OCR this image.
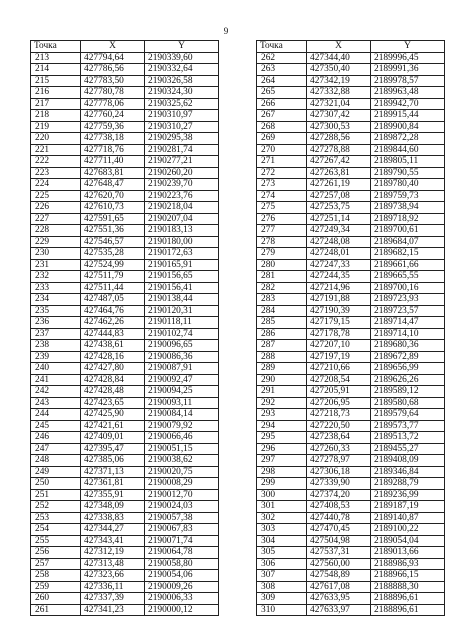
9
Точка	X	Y
213	427794,64	2190339,60
214	427786,56	2190332,64
215	427783,50	2190326,58
216	427780,78	2190324,30
217	427778,06	2190325,62
218	427760,24	2190310,97
219	427759,36	2190310,27
220	427738,18	2190295,38
221	427718,76	2190281,74
222	427711,40	2190277,21
223	427683,81	2190260,20
224	427648,47	2190239,70
225	427620,70	2190223,76
226	427610,73	2190218,04
227	427591,65	2190207,04
228	427551,36	2190183,13
229	427546,57	2190180,00
230	427535,28	2190172,63
231	427524,99	2190165,91
232	427511,79	2190156,65
233	427511,44	2190156,41
234	427487,05	2190138,44
235	427464,76	2190120,31
236	427462,26	2190118,11
237	427444,83	2190102,74
238	427438,61	2190096,65
239	427428,16	2190086,36
240	427427,80	2190087,91
241	427428,84	2190092,47
242	427428,48	2190094,25
243	427423,65	2190093,11
244	427425,90	2190084,14
245	427421,61	2190079,92
246	427409,01	2190066,46
247	427395,47	2190051,15
248	427385,06	2190038,62
249	427371,13	2190020,75
250	427361,81	2190008,29
251	427355,91	2190012,70
252	427348,09	2190024,03
253	427338,83	2190057,38
254	427344,27	2190067,83
255	427343,41	2190071,74
256	427312,19	2190064,78
257	427313,48	2190058,80
258	427323,66	2190054,06
259	427336,11	2190009,26
260	427337,39	2190006,33
261	427341,23	2190000,12
Точка	X	Y
262	427344,40	2189996,45
263	427350,40	2189991,36
264	427342,19	2189978,57
265	427332,88	2189963,48
266	427321,04	2189942,70
267	427307,42	2189915,44
268	427300,53	2189900,84
269	427288,56	2189872,28
270	427278,88	2189844,60
271	427267,42	2189805,11
272	427263,81	2189790,55
273	427261,19	2189780,40
274	427257,08	2189759,73
275	427253,75	2189738,94
276	427251,14	2189718,92
277	427249,34	2189700,61
278	427248,08	2189684,07
279	427248,01	2189682,15
280	427247,33	2189661,66
281	427244,35	2189665,55
282	427214,96	2189700,16
283	427191,88	2189723,93
284	427190,39	2189723,57
285	427179,15	2189714,47
286	427178,78	2189714,10
287	427207,10	2189680,36
288	427197,19	2189672,89
289	427210,66	2189656,99
290	427208,54	2189626,26
291	427205,91	2189589,12
292	427206,95	2189580,68
293	427218,73	2189579,64
294	427220,50	2189573,77
295	427238,64	2189513,72
296	427260,33	2189455,27
297	427278,97	2189408,09
298	427306,18	2189346,84
299	427339,90	2189288,79
300	427374,20	2189236,99
301	427408,53	2189187,19
302	427440,78	2189140,87
303	427470,45	2189100,22
304	427504,98	2189054,04
305	427537,31	2189013,66
306	427560,00	2188986,93
307	427548,89	2188966,15
308	427617,08	2188888,30
309	427633,95	2188896,61
310	427633,97	2188896,61
